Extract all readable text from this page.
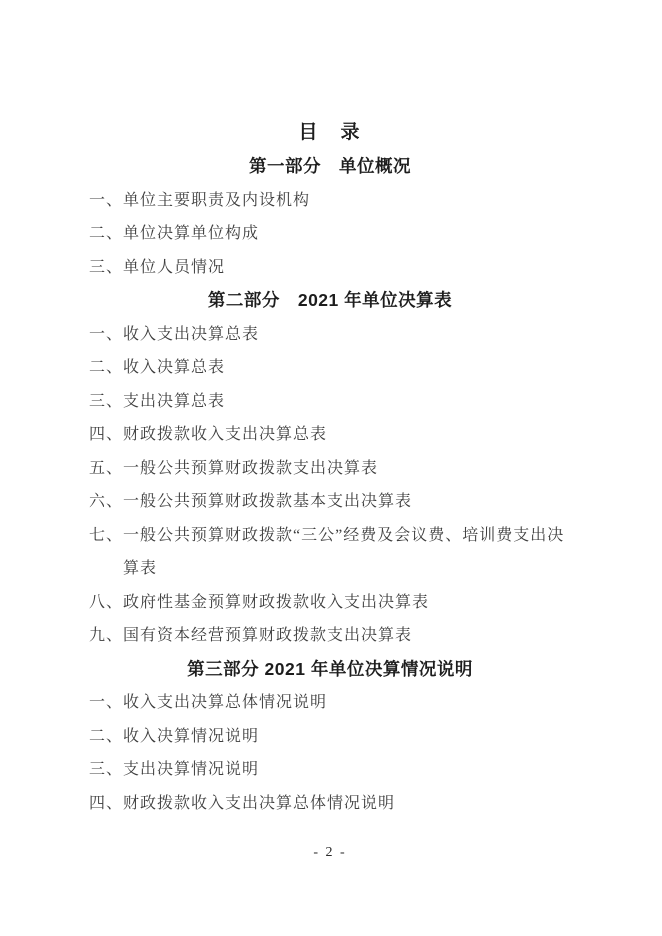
目　录
第一部分　单位概况
一、单位主要职责及内设机构
二、单位决算单位构成
三、单位人员情况
第二部分　2021 年单位决算表
一、收入支出决算总表
二、收入决算总表
三、支出决算总表
四、财政拨款收入支出决算总表
五、一般公共预算财政拨款支出决算表
六、一般公共预算财政拨款基本支出决算表
七、一般公共预算财政拨款“三公”经费及会议费、培训费支出决算表
八、政府性基金预算财政拨款收入支出决算表
九、国有资本经营预算财政拨款支出决算表
第三部分 2021 年单位决算情况说明
一、收入支出决算总体情况说明
二、收入决算情况说明
三、支出决算情况说明
四、财政拨款收入支出决算总体情况说明
- 2 -
